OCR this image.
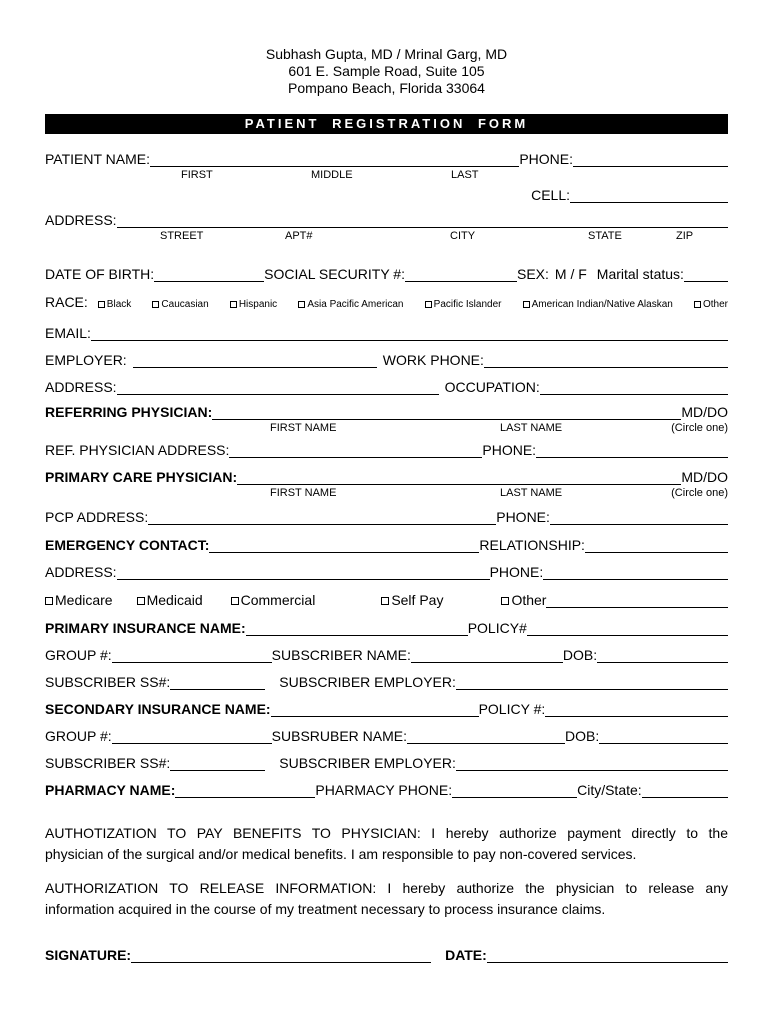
Subhash Gupta, MD / Mrinal Garg, MD
601 E. Sample Road, Suite 105
Pompano Beach, Florida 33064
PATIENT REGISTRATION FORM
PATIENT NAME:	PHONE:
FIRST	MIDDLE	LAST
CELL:
ADDRESS:
STREET	APT#	CITY	STATE	ZIP
DATE OF BIRTH:	SOCIAL SECURITY #:	SEX: M / F Marital status:
RACE: Black	Caucasian	Hispanic	Asia Pacific American	Pacific Islander	American Indian/Native Alaskan	Other
EMAIL:
EMPLOYER:	WORK PHONE:
ADDRESS:	OCCUPATION:
REFERRING PHYSICIAN:	MD/DO
FIRST NAME	LAST NAME	(Circle one)
REF. PHYSICIAN ADDRESS:	PHONE:
PRIMARY CARE PHYSICIAN:	MD/DO
FIRST NAME	LAST NAME	(Circle one)
PCP ADDRESS:	PHONE:
EMERGENCY CONTACT:	RELATIONSHIP:
ADDRESS:	PHONE:
Medicare Medicaid	Commercial	Self Pay	Other
PRIMARY INSURANCE NAME:	POLICY#
GROUP #:	SUBSCRIBER NAME:	DOB:
SUBSCRIBER SS#:	SUBSCRIBER EMPLOYER:
SECONDARY INSURANCE NAME:	POLICY #:
GROUP #:	SUBSRUBER NAME:	DOB:
SUBSCRIBER SS#:	SUBSCRIBER EMPLOYER:
PHARMACY NAME:	PHARMACY PHONE:	City/State:
AUTHOTIZATION TO PAY BENEFITS TO PHYSICIAN: I hereby authorize payment directly to the
physician of the surgical and/or medical benefits. I am responsible to pay non-covered services.
AUTHORIZATION TO RELEASE INFORMATION: I hereby authorize the physician to release any
information acquired in the course of my treatment necessary to process insurance claims.
SIGNATURE:	DATE:
